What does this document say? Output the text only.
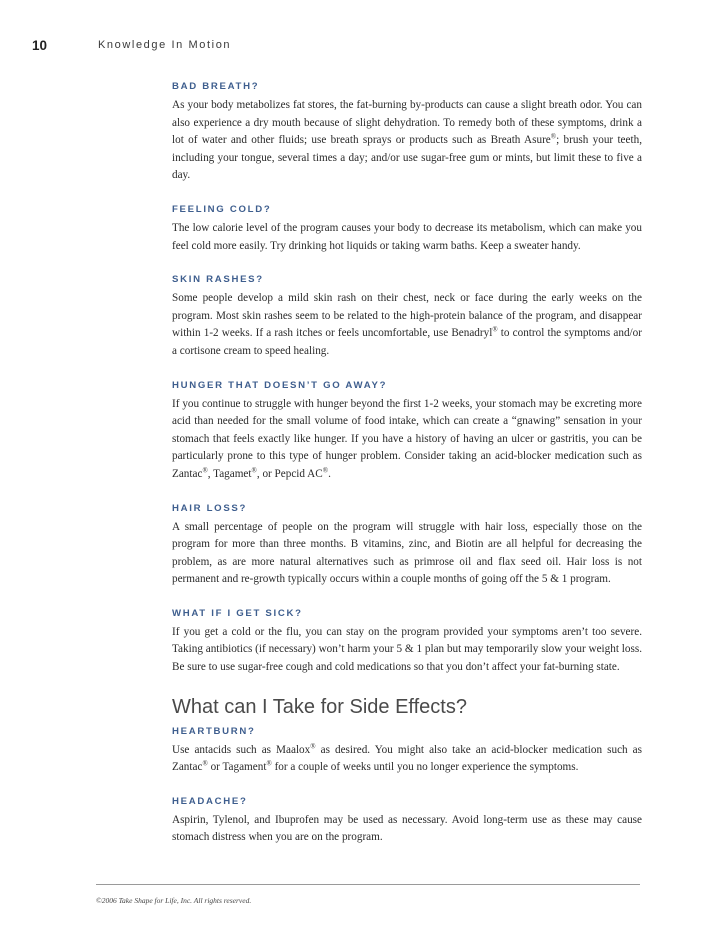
10	Knowledge In Motion
BAD BREATH?
As your body metabolizes fat stores, the fat-burning by-products can cause a slight breath odor. You can also experience a dry mouth because of slight dehydration. To remedy both of these symptoms, drink a lot of water and other fluids; use breath sprays or products such as Breath Asure®; brush your teeth, including your tongue, several times a day; and/or use sugar-free gum or mints, but limit these to five a day.
FEELING COLD?
The low calorie level of the program causes your body to decrease its metabolism, which can make you feel cold more easily. Try drinking hot liquids or taking warm baths. Keep a sweater handy.
SKIN RASHES?
Some people develop a mild skin rash on their chest, neck or face during the early weeks on the program. Most skin rashes seem to be related to the high-protein balance of the program, and disappear within 1-2 weeks. If a rash itches or feels uncomfortable, use Benadryl® to control the symptoms and/or a cortisone cream to speed healing.
HUNGER THAT DOESN’T GO AWAY?
If you continue to struggle with hunger beyond the first 1-2 weeks, your stomach may be excreting more acid than needed for the small volume of food intake, which can create a “gnawing” sensation in your stomach that feels exactly like hunger. If you have a history of having an ulcer or gastritis, you can be particularly prone to this type of hunger problem. Consider taking an acid-blocker medication such as Zantac®, Tagamet®, or Pepcid AC®.
HAIR LOSS?
A small percentage of people on the program will struggle with hair loss, especially those on the program for more than three months. B vitamins, zinc, and Biotin are all helpful for decreasing the problem, as are more natural alternatives such as primrose oil and flax seed oil. Hair loss is not permanent and re-growth typically occurs within a couple months of going off the 5 & 1 program.
WHAT IF I GET SICK?
If you get a cold or the flu, you can stay on the program provided your symptoms aren’t too severe. Taking antibiotics (if necessary) won’t harm your 5 & 1 plan but may temporarily slow your weight loss. Be sure to use sugar-free cough and cold medications so that you don’t affect your fat-burning state.
What can I Take for Side Effects?
HEARTBURN?
Use antacids such as Maalox® as desired. You might also take an acid-blocker medication such as Zantac® or Tagament® for a couple of weeks until you no longer experience the symptoms.
HEADACHE?
Aspirin, Tylenol, and Ibuprofen may be used as necessary. Avoid long-term use as these may cause stomach distress when you are on the program.
©2006 Take Shape for Life, Inc. All rights reserved.
